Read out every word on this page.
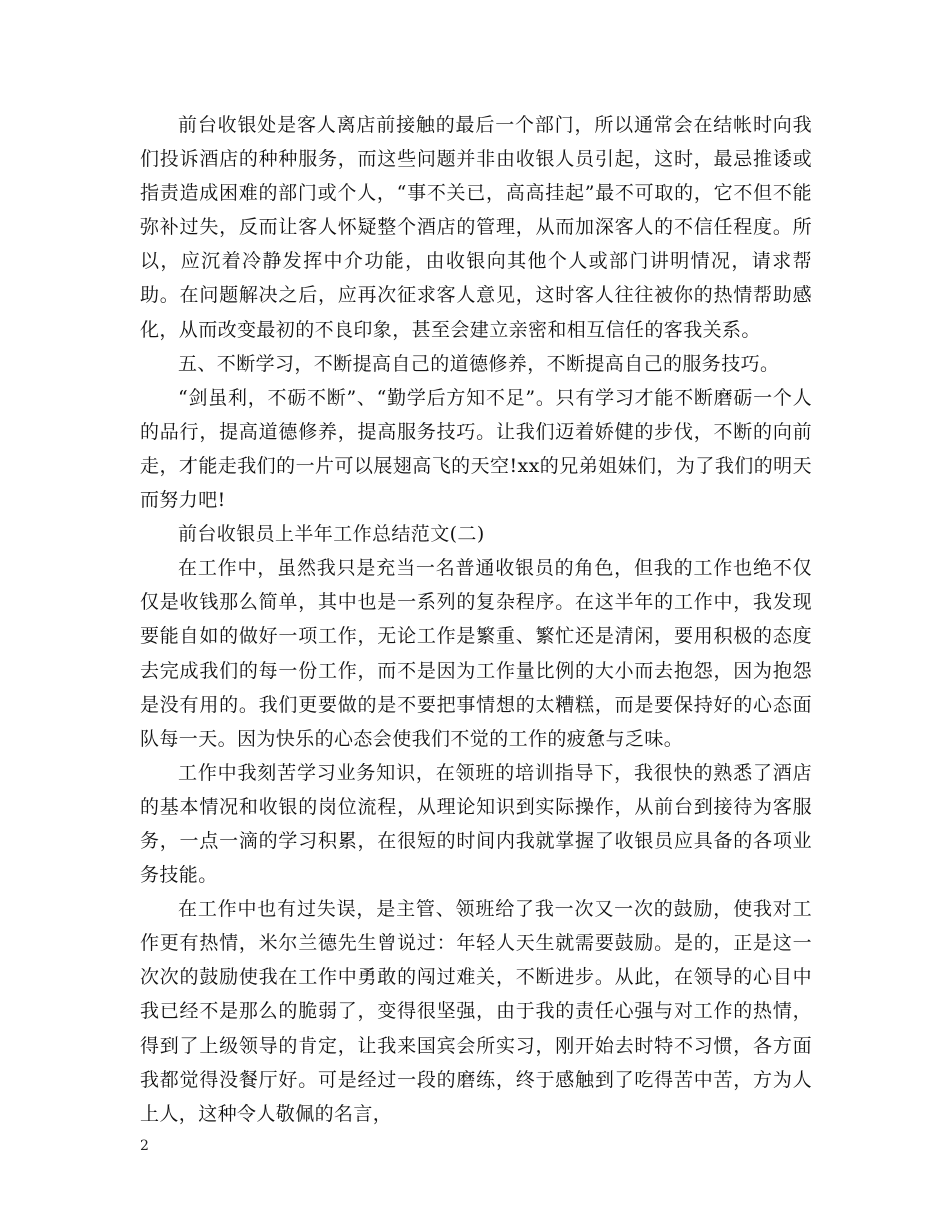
前台收银处是客人离店前接触的最后一个部门，所以通常会在结帐时向我们投诉酒店的种种服务，而这些问题并非由收银人员引起，这时，最忌推诿或指责造成困难的部门或个人，“事不关已，高高挂起”最不可取的，它不但不能弥补过失，反而让客人怀疑整个酒店的管理，从而加深客人的不信任程度。所以，应沉着冷静发挥中介功能，由收银向其他个人或部门讲明情况，请求帮助。在问题解决之后，应再次征求客人意见，这时客人往往被你的热情帮助感化，从而改变最初的不良印象，甚至会建立亲密和相互信任的客我关系。

五、不断学习，不断提高自己的道德修养，不断提高自己的服务技巧。

“剑虽利，不砺不断”、“勤学后方知不足”。只有学习才能不断磨砺一个人的品行，提高道德修养，提高服务技巧。让我们迈着娇健的步伐，不断的向前走，才能走我们的一片可以展翅高飞的天空!xx的兄弟姐妹们，为了我们的明天而努力吧!

前台收银员上半年工作总结范文(二)

在工作中，虽然我只是充当一名普通收银员的角色，但我的工作也绝不仅仅是收钱那么简单，其中也是一系列的复杂程序。在这半年的工作中，我发现要能自如的做好一项工作，无论工作是繁重、繁忙还是清闲，要用积极的态度去完成我们的每一份工作，而不是因为工作量比例的大小而去抱怨，因为抱怨是没有用的。我们更要做的是不要把事情想的太糟糕，而是要保持好的心态面队每一天。因为快乐的心态会使我们不觉的工作的疲惫与乏味。

工作中我刻苦学习业务知识，在领班的培训指导下，我很快的熟悉了酒店的基本情况和收银的岗位流程，从理论知识到实际操作，从前台到接待为客服务，一点一滴的学习积累，在很短的时间内我就掌握了收银员应具备的各项业务技能。

在工作中也有过失误，是主管、领班给了我一次又一次的鼓励，使我对工作更有热情，米尔兰德先生曾说过：年轻人天生就需要鼓励。是的，正是这一次次的鼓励使我在工作中勇敢的闯过难关，不断进步。从此，在领导的心目中我已经不是那么的脆弱了，变得很坚强，由于我的责任心强与对工作的热情，得到了上级领导的肯定，让我来国宾会所实习，刚开始去时特不习惯，各方面我都觉得没餐厅好。可是经过一段的磨练，终于感触到了吃得苦中苦，方为人上人，这种令人敬佩的名言，

2
